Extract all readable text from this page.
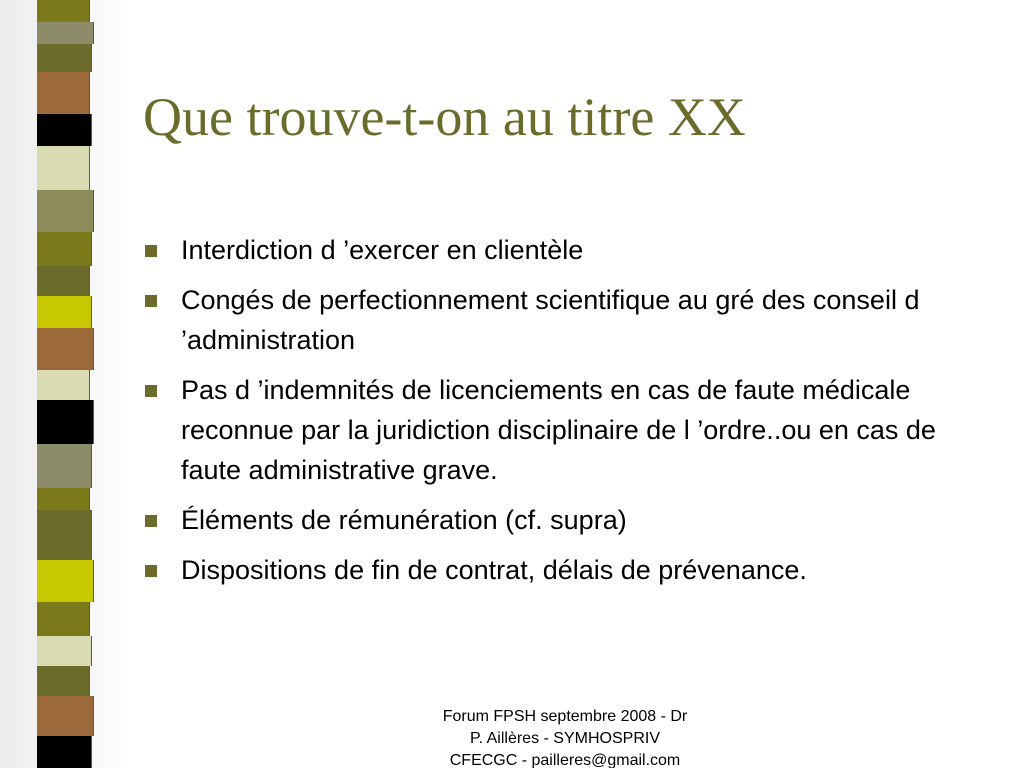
Que trouve-t-on au titre XX
Interdiction d ’exercer en clientèle
Congés de perfectionnement scientifique au gré des conseil d ’administration
Pas d ’indemnités de licenciements en cas de faute médicale reconnue par la juridiction disciplinaire de l ’ordre..ou en cas de faute administrative grave.
Éléments de rémunération (cf. supra)
Dispositions de fin de contrat, délais de prévenance.
Forum FPSH septembre 2008 - Dr
P. Aillères - SYMHOSPRIV
CFECGC - pailleres@gmail.com
